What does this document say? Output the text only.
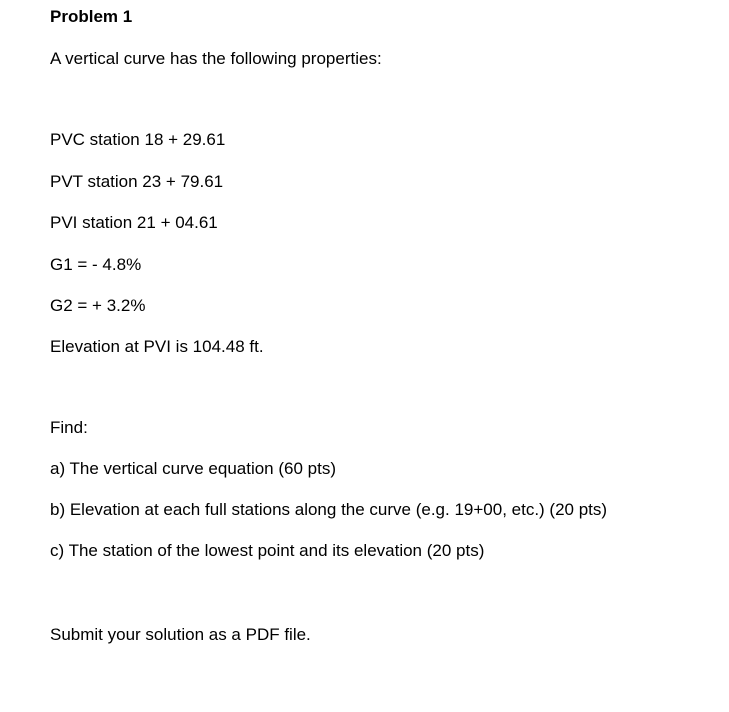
Problem 1
A vertical curve has the following properties:
PVC station 18 + 29.61
PVT station 23 + 79.61
PVI station 21 + 04.61
G1 = - 4.8%
G2 = + 3.2%
Elevation at PVI is 104.48 ft.
Find:
a) The vertical curve equation (60 pts)
b) Elevation at each full stations along the curve (e.g. 19+00, etc.) (20 pts)
c) The station of the lowest point and its elevation (20 pts)
Submit your solution as a PDF file.
